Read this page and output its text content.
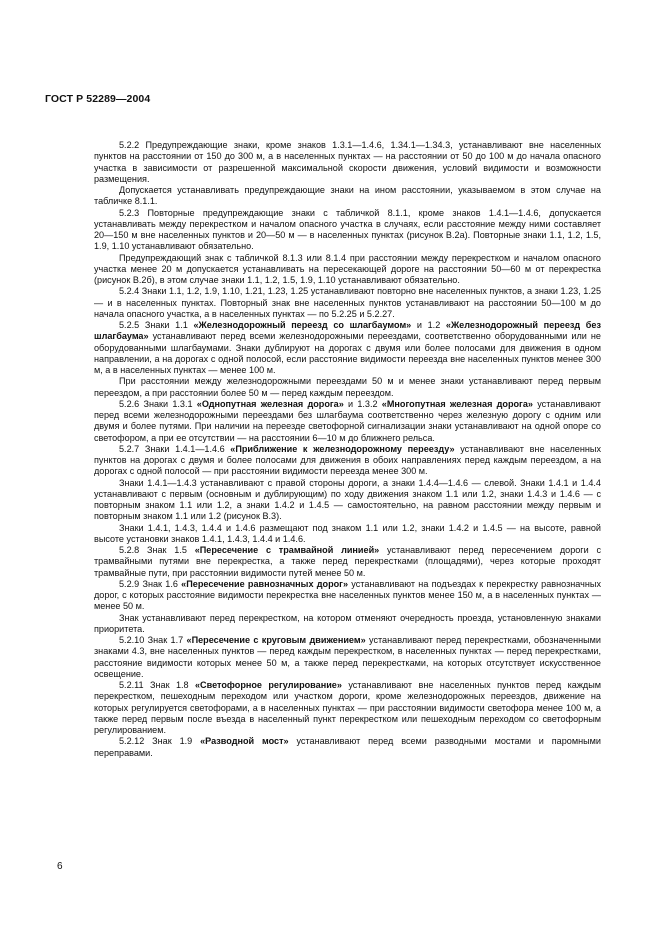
ГОСТ Р 52289—2004

5.2.2 Предупреждающие знаки, кроме знаков 1.3.1—1.4.6, 1.34.1—1.34.3, устанавливают вне населенных пунктов на расстоянии от 150 до 300 м, а в населенных пунктах — на расстоянии от 50 до 100 м до начала опасного участка в зависимости от разрешенной максимальной скорости движения, условий видимости и возможности размещения.

Допускается устанавливать предупреждающие знаки на ином расстоянии, указываемом в этом случае на табличке 8.1.1.

5.2.3 Повторные предупреждающие знаки с табличкой 8.1.1, кроме знаков 1.4.1—1.4.6, допускается устанавливать между перекрестком и началом опасного участка в случаях, если расстояние между ними составляет 20—150 м вне населенных пунктов и 20—50 м — в населенных пунктах (рисунок В.2а). Повторные знаки 1.1, 1.2, 1.5, 1.9, 1.10 устанавливают обязательно.

Предупреждающий знак с табличкой 8.1.3 или 8.1.4 при расстоянии между перекрестком и началом опасного участка менее 20 м допускается устанавливать на пересекающей дороге на расстоянии 50—60 м от перекрестка (рисунок В.2б), в этом случае знаки 1.1, 1.2, 1.5, 1.9, 1.10 устанавливают обязательно.

5.2.4 Знаки 1.1, 1.2, 1.9, 1.10, 1.21, 1.23, 1.25 устанавливают повторно вне населенных пунктов, а знаки 1.23, 1.25 — и в населенных пунктах. Повторный знак вне населенных пунктов устанавливают на расстоянии 50—100 м до начала опасного участка, а в населенных пунктах — по 5.2.25 и 5.2.27.

5.2.5 Знаки 1.1 «Железнодорожный переезд со шлагбаумом» и 1.2 «Железнодорожный переезд без шлагбаума» устанавливают перед всеми железнодорожными переездами, соответственно оборудованными или не оборудованными шлагбаумами. Знаки дублируют на дорогах с двумя или более полосами для движения в одном направлении, а на дорогах с одной полосой, если расстояние видимости переезда вне населенных пунктов менее 300 м, а в населенных пунктах — менее 100 м.

При расстоянии между железнодорожными переездами 50 м и менее знаки устанавливают перед первым переездом, а при расстоянии более 50 м — перед каждым переездом.

5.2.6 Знаки 1.3.1 «Однопутная железная дорога» и 1.3.2 «Многопутная железная дорога» устанавливают перед всеми железнодорожными переездами без шлагбаума соответственно через железную дорогу с одним или двумя и более путями. При наличии на переезде светофорной сигнализации знаки устанавливают на одной опоре со светофором, а при ее отсутствии — на расстоянии 6—10 м до ближнего рельса.

5.2.7 Знаки 1.4.1—1.4.6 «Приближение к железнодорожному переезду» устанавливают вне населенных пунктов на дорогах с двумя и более полосами для движения в обоих направлениях перед каждым переездом, а на дорогах с одной полосой — при расстоянии видимости переезда менее 300 м.

Знаки 1.4.1—1.4.3 устанавливают с правой стороны дороги, а знаки 1.4.4—1.4.6 — слевой. Знаки 1.4.1 и 1.4.4 устанавливают с первым (основным и дублирующим) по ходу движения знаком 1.1 или 1.2, знаки 1.4.3 и 1.4.6 — с повторным знаком 1.1 или 1.2, а знаки 1.4.2 и 1.4.5 — самостоятельно, на равном расстоянии между первым и повторным знаком 1.1 или 1.2 (рисунок В.3).

Знаки 1.4.1, 1.4.3, 1.4.4 и 1.4.6 размещают под знаком 1.1 или 1.2, знаки 1.4.2 и 1.4.5 — на высоте, равной высоте установки знаков 1.4.1, 1.4.3, 1.4.4 и 1.4.6.

5.2.8 Знак 1.5 «Пересечение с трамвайной линией» устанавливают перед пересечением дороги с трамвайными путями вне перекрестка, а также перед перекрестками (площадями), через которые проходят трамвайные пути, при расстоянии видимости путей менее 50 м.

5.2.9 Знак 1.6 «Пересечение равнозначных дорог» устанавливают на подъездах к перекрестку равнозначных дорог, с которых расстояние видимости перекрестка вне населенных пунктов менее 150 м, а в населенных пунктах — менее 50 м.

Знак устанавливают перед перекрестком, на котором отменяют очередность проезда, установленную знаками приоритета.

5.2.10 Знак 1.7 «Пересечение с круговым движением» устанавливают перед перекрестками, обозначенными знаками 4.3, вне населенных пунктов — перед каждым перекрестком, в населенных пунктах — перед перекрестками, расстояние видимости которых менее 50 м, а также перед перекрестками, на которых отсутствует искусственное освещение.

5.2.11 Знак 1.8 «Светофорное регулирование» устанавливают вне населенных пунктов перед каждым перекрестком, пешеходным переходом или участком дороги, кроме железнодорожных переездов, движение на которых регулируется светофорами, а в населенных пунктах — при расстоянии видимости светофора менее 100 м, а также перед первым после въезда в населенный пункт перекрестком или пешеходным переходом со светофорным регулированием.

5.2.12 Знак 1.9 «Разводной мост» устанавливают перед всеми разводными мостами и паромными переправами.

6
